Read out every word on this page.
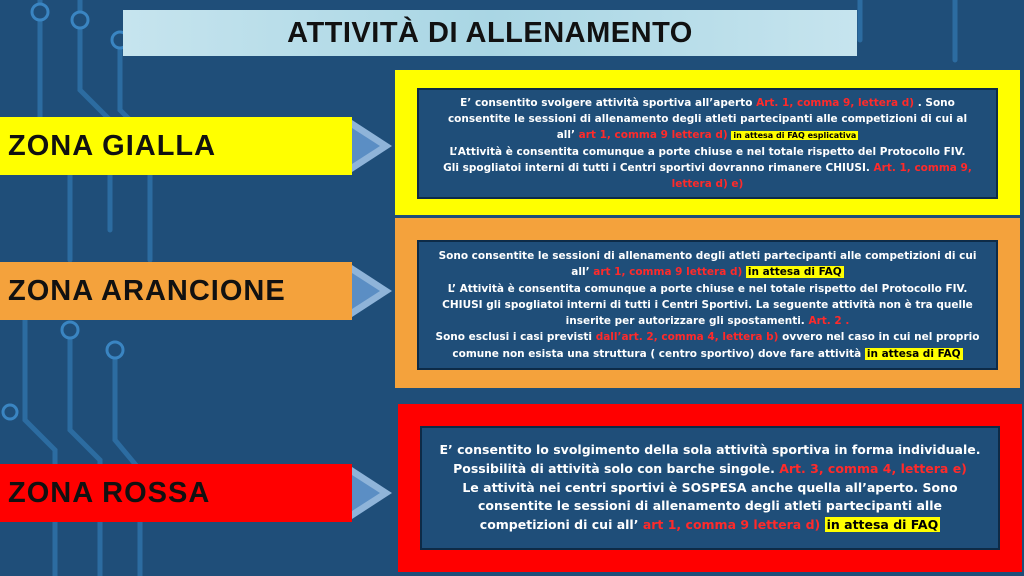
ATTIVITÀ DI ALLENAMENTO
ZONA GIALLA
ZONA ARANCIONE
ZONA ROSSA

E’ consentito svolgere attività sportiva all’aperto Art. 1, comma 9, lettera d) . Sono consentite le sessioni di allenamento degli atleti partecipanti alle competizioni di cui al all’ art 1, comma 9 lettera d) in attesa di FAQ esplicativa
L’Attività è consentita comunque a porte chiuse e nel totale rispetto del Protocollo FIV. Gli spogliatoi interni di tutti i Centri sportivi dovranno rimanere CHIUSI. Art. 1, comma 9, lettera d) e)

Sono consentite le sessioni di allenamento degli atleti partecipanti alle competizioni di cui all’ art 1, comma 9 lettera d) in attesa di FAQ
L’ Attività è consentita comunque a porte chiuse e nel totale rispetto del Protocollo FIV. CHIUSI gli spogliatoi interni di tutti i Centri Sportivi. La seguente attività non è tra quelle inserite per autorizzare gli spostamenti. Art. 2 .
Sono esclusi i casi previsti dall’art. 2, comma 4, lettera b) ovvero nel caso in cui nel proprio comune non esista una struttura ( centro sportivo) dove fare attività in attesa di FAQ

E’ consentito lo svolgimento della sola attività sportiva in forma individuale. Possibilità di attività solo con barche singole. Art. 3, comma 4, lettera e)
Le attività nei centri sportivi è SOSPESA anche quella all’aperto. Sono consentite le sessioni di allenamento degli atleti partecipanti alle competizioni di cui all’ art 1, comma 9 lettera d) in attesa di FAQ
